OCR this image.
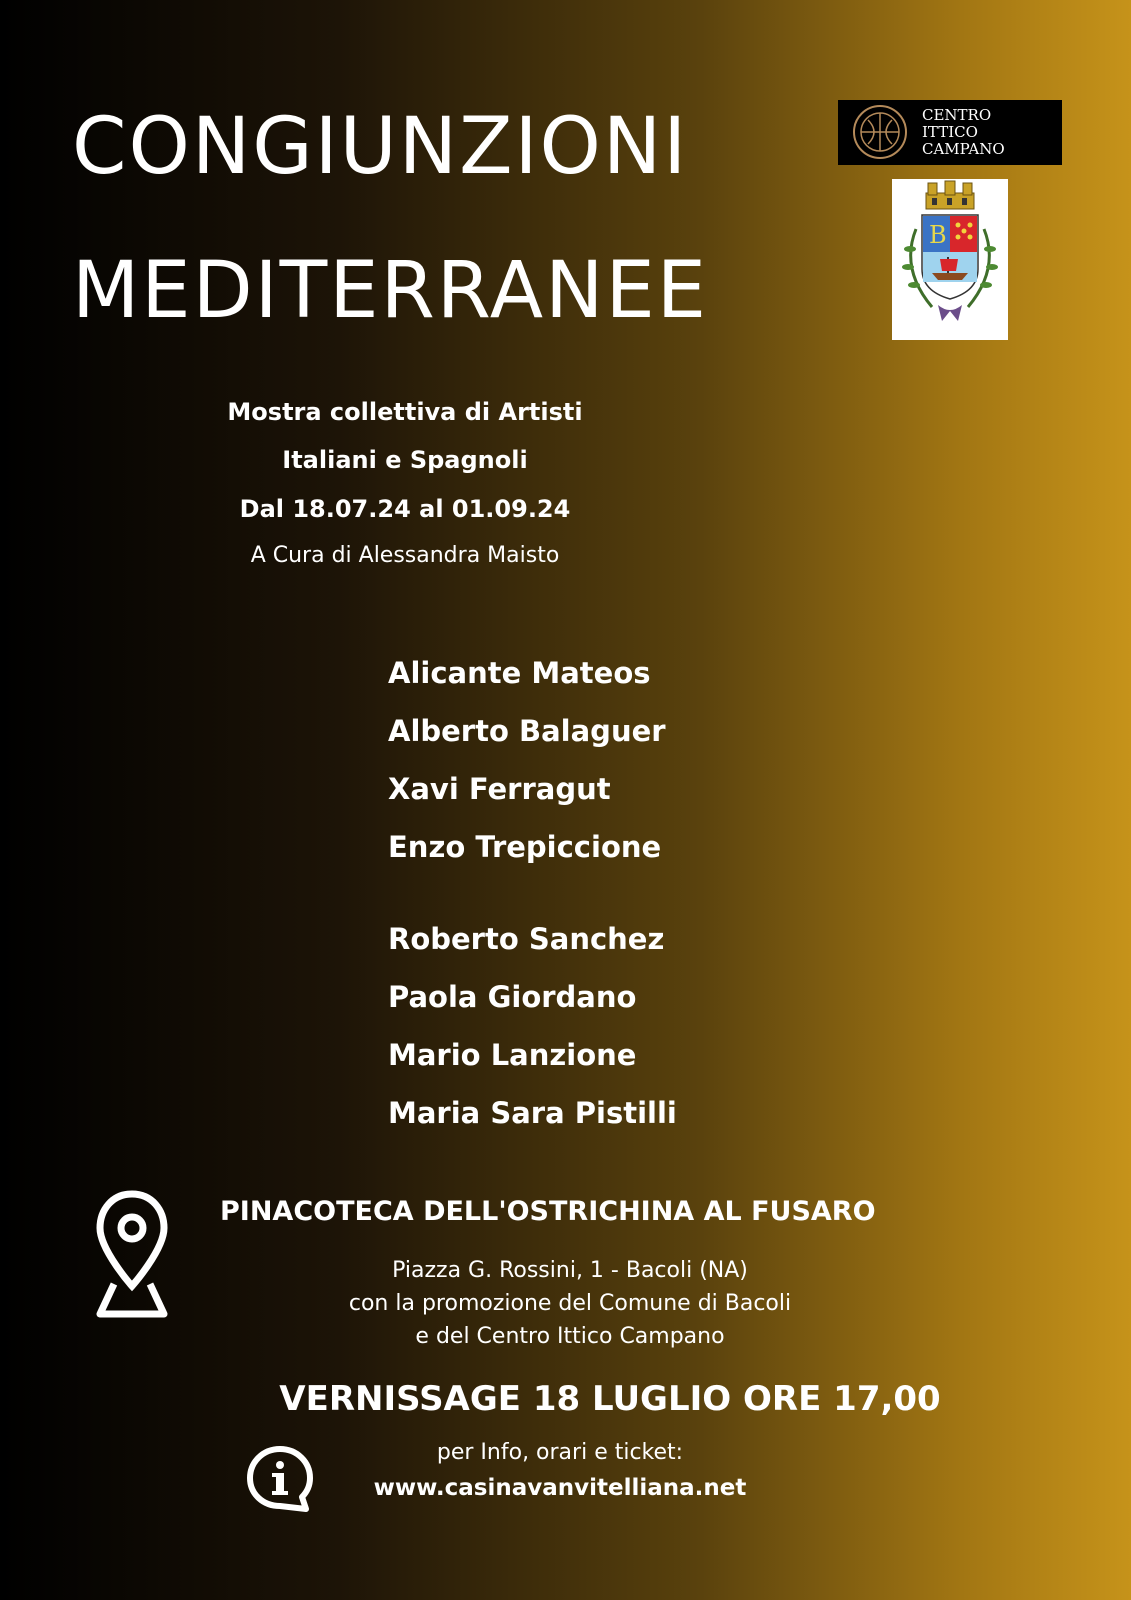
CONGIUNZIONI
MEDITERRANEE
CENTRO
ITTICO
CAMPANO
B
Mostra collettiva di Artisti
Italiani e Spagnoli
Dal 18.07.24 al 01.09.24
A Cura di Alessandra Maisto
Alicante Mateos
Alberto Balaguer
Xavi Ferragut
Enzo Trepiccione
Roberto Sanchez
Paola Giordano
Mario Lanzione
Maria Sara Pistilli
PINACOTECA DELL'OSTRICHINA AL FUSARO
Piazza G. Rossini, 1 - Bacoli (NA)
con la promozione del Comune di Bacoli
e del Centro Ittico Campano
VERNISSAGE 18 LUGLIO ORE 17,00
per Info, orari e ticket:
www.casinavanvitelliana.net
